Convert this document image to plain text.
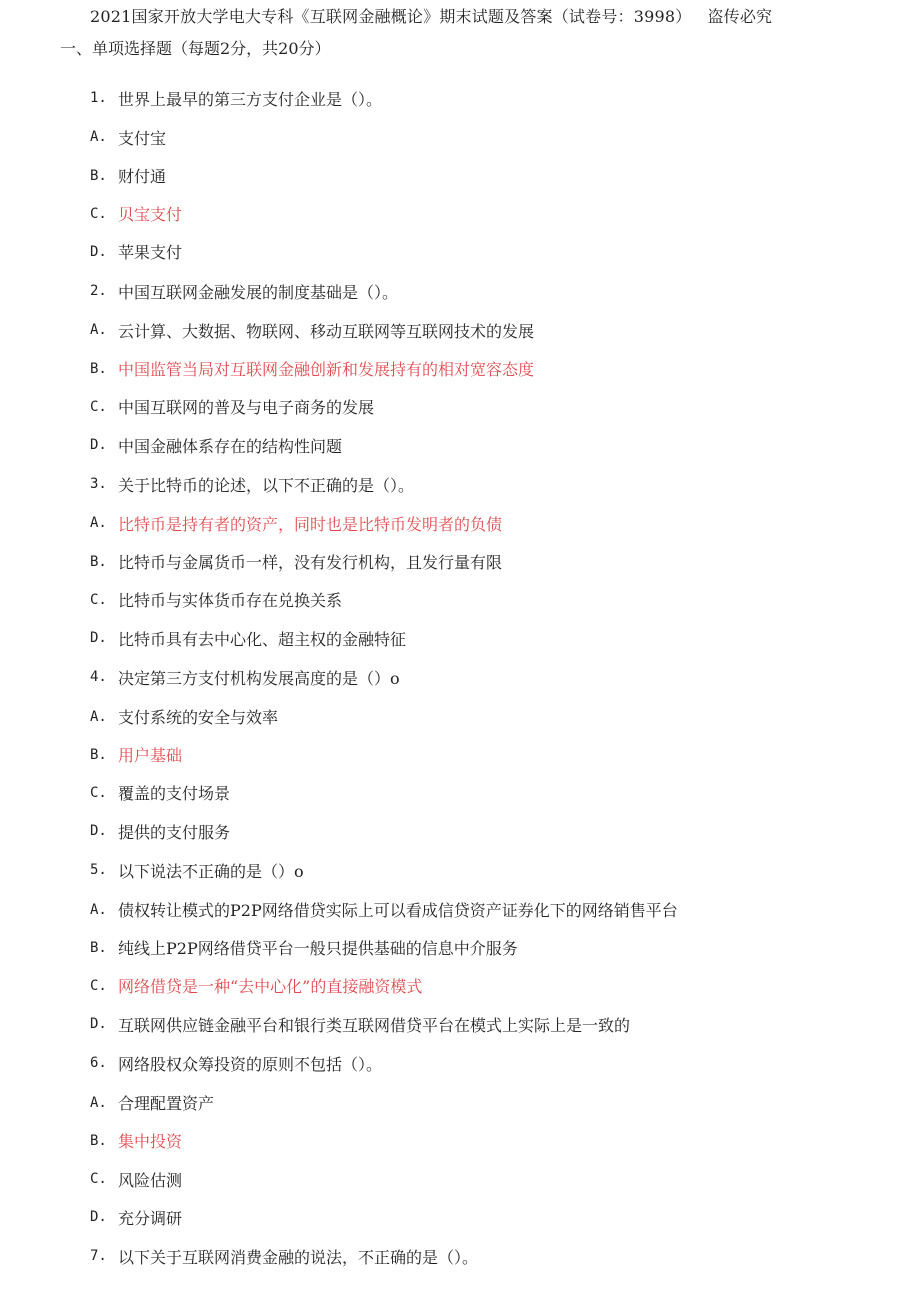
2021国家开放大学电大专科《互联网金融概论》期末试题及答案（试卷号：3998） 盗传必究
一、单项选择题（每题2分，共20分）
1. 世界上最早的第三方支付企业是（）。
A. 支付宝
B. 财付通
C. 贝宝支付
D. 苹果支付
2. 中国互联网金融发展的制度基础是（）。
A. 云计算、大数据、物联网、移动互联网等互联网技术的发展
B. 中国监管当局对互联网金融创新和发展持有的相对宽容态度
C. 中国互联网的普及与电子商务的发展
D. 中国金融体系存在的结构性问题
3. 关于比特币的论述，以下不正确的是（）。
A. 比特币是持有者的资产，同时也是比特币发明者的负债
B. 比特币与金属货币一样，没有发行机构，且发行量有限
C. 比特币与实体货币存在兑换关系
D. 比特币具有去中心化、超主权的金融特征
4. 决定第三方支付机构发展高度的是（）o
A. 支付系统的安全与效率
B. 用户基础
C. 覆盖的支付场景
D. 提供的支付服务
5. 以下说法不正确的是（）o
A. 债权转让模式的P2P网络借贷实际上可以看成信贷资产证券化下的网络销售平台
B. 纯线上P2P网络借贷平台一般只提供基础的信息中介服务
C. 网络借贷是一种“去中心化”的直接融资模式
D. 互联网供应链金融平台和银行类互联网借贷平台在模式上实际上是一致的
6. 网络股权众筹投资的原则不包括（）。
A. 合理配置资产
B. 集中投资
C. 风险估测
D. 充分调研
7. 以下关于互联网消费金融的说法，不正确的是（）。
